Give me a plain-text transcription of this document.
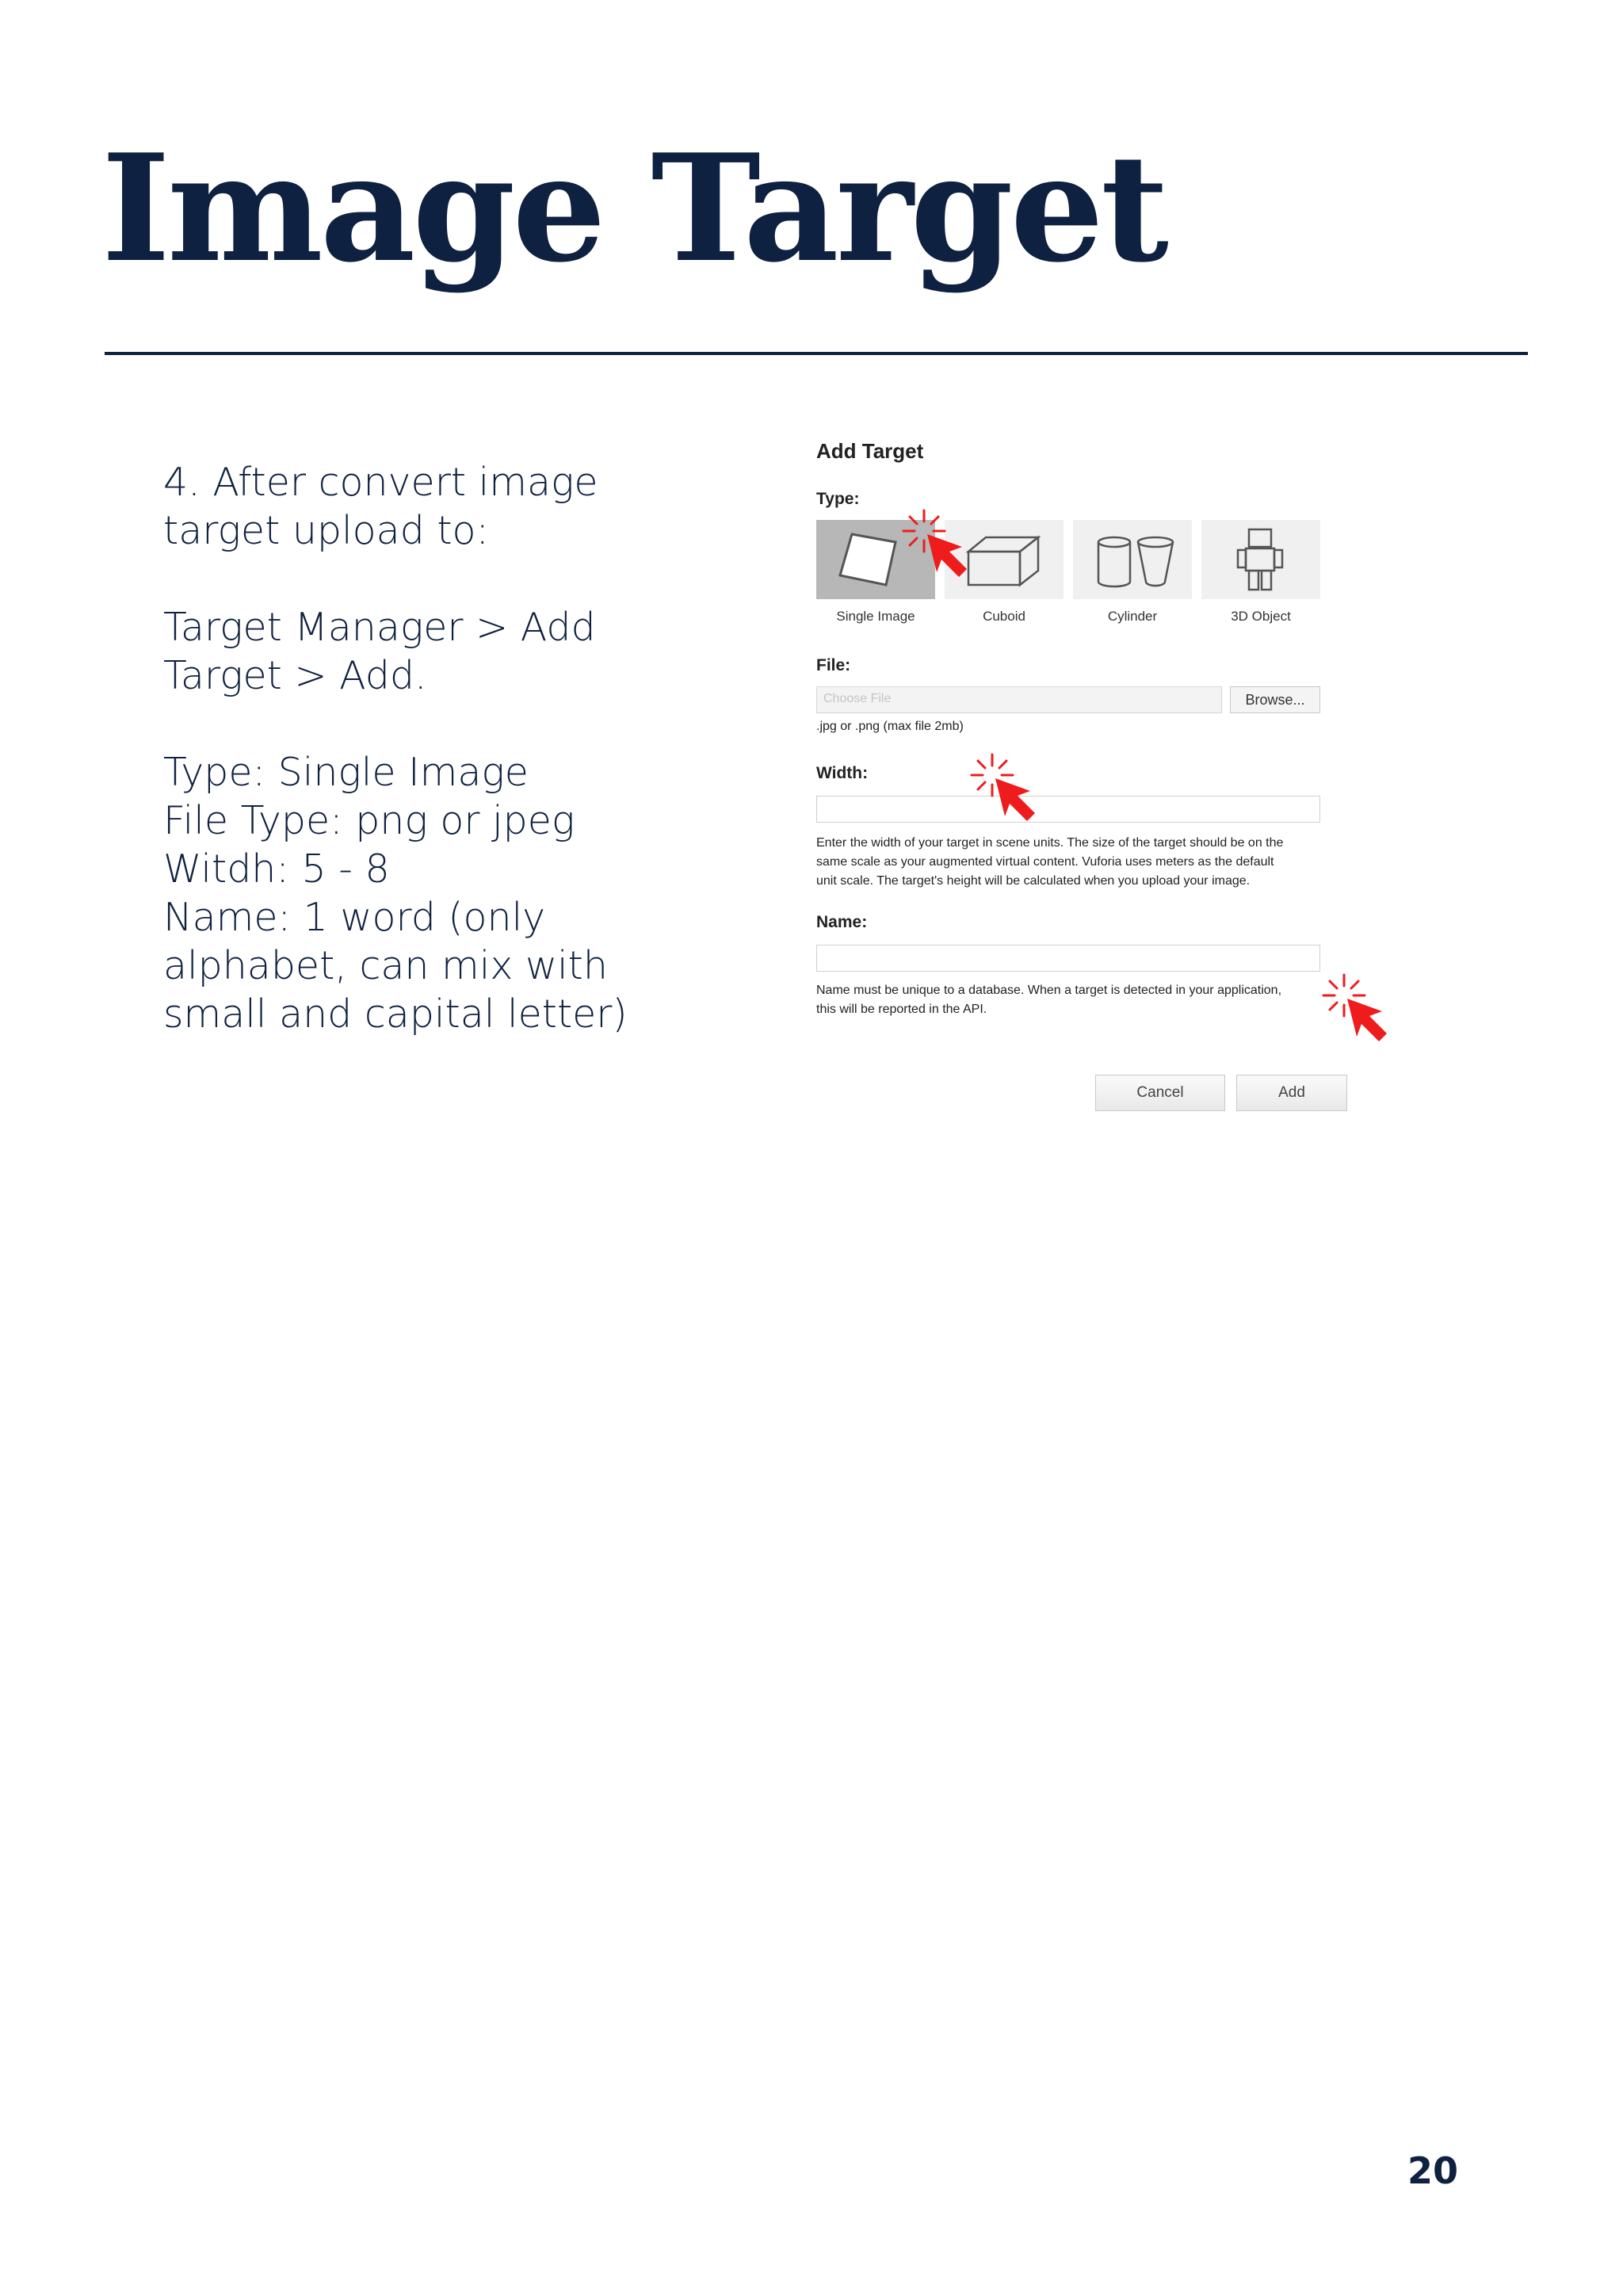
Image Target

4. After convert image

target upload to:

Target Manager > Add

Target > Add.

Type: Single Image

File Type: png or jpeg

Witdh: 5 - 8

Name: 1 word (only

alphabet, can mix with

small and capital letter)

Add Target
Type:
Single Image	Cuboid	Cylinder	3D Object
File:
Choose File	Browse...
.jpg or .png (max file 2mb)
Width:
Enter the width of your target in scene units. The size of the target should be on the
same scale as your augmented virtual content. Vuforia uses meters as the default
unit scale. The target's height will be calculated when you upload your image.
Name:
Name must be unique to a database. When a target is detected in your application,
this will be reported in the API.
Cancel	Add
20
